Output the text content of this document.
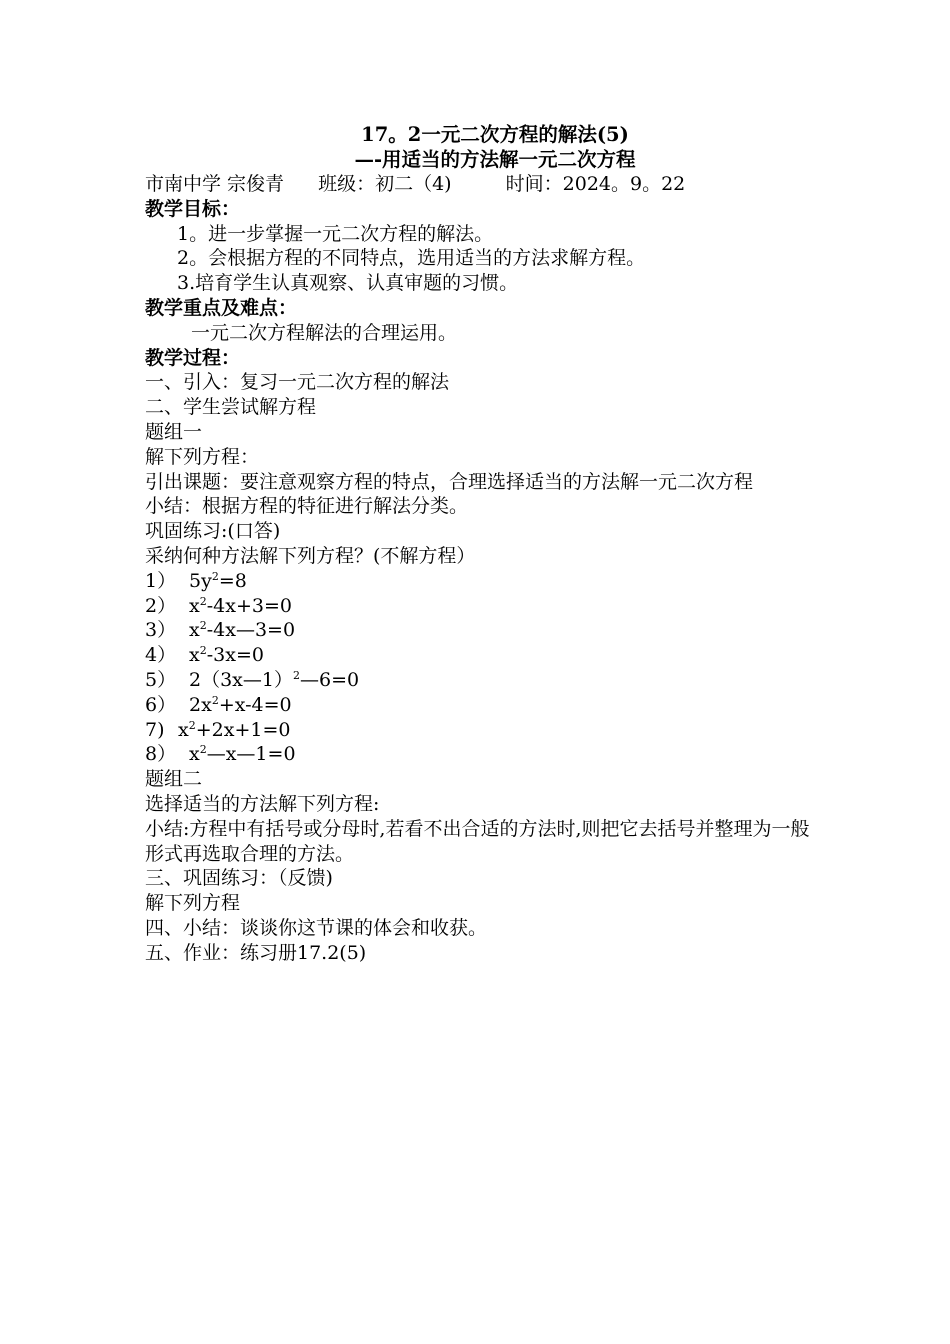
17。2一元二次方程的解法(5)
—-用适当的方法解一元二次方程
市南中学 宗俊青 班级：初二（4)	时间：2024。9。22
教学目标：
1。进一步掌握一元二次方程的解法。
2。会根据方程的不同特点，选用适当的方法求解方程。
3.培育学生认真观察、认真审题的习惯。
教学重点及难点：
一元二次方程解法的合理运用。
教学过程：
一、引入：复习一元二次方程的解法
二、学生尝试解方程
题组一
解下列方程：
引出课题：要注意观察方程的特点，合理选择适当的方法解一元二次方程
小结：根据方程的特征进行解法分类。
巩固练习:(口答)
采纳何种方法解下列方程？(不解方程）
1） $5y^2=8$
2） $x^2-4x+3=0$
3） $x^2-4x—3=0$
4） $x^2-3x=0$
5） 2（3x—1）$^2$—6=0
6） $2x^2+x-4=0$
7) $x^2+2x+1=0$
8） $x^2—x—1=0$
题组二
选择适当的方法解下列方程:
小结:方程中有括号或分母时,若看不出合适的方法时,则把它去括号并整理为一般形式再选取合理的方法。
三、巩固练习：（反馈)
解下列方程
四、小结：谈谈你这节课的体会和收获。
五、作业：练习册17.2(5)
